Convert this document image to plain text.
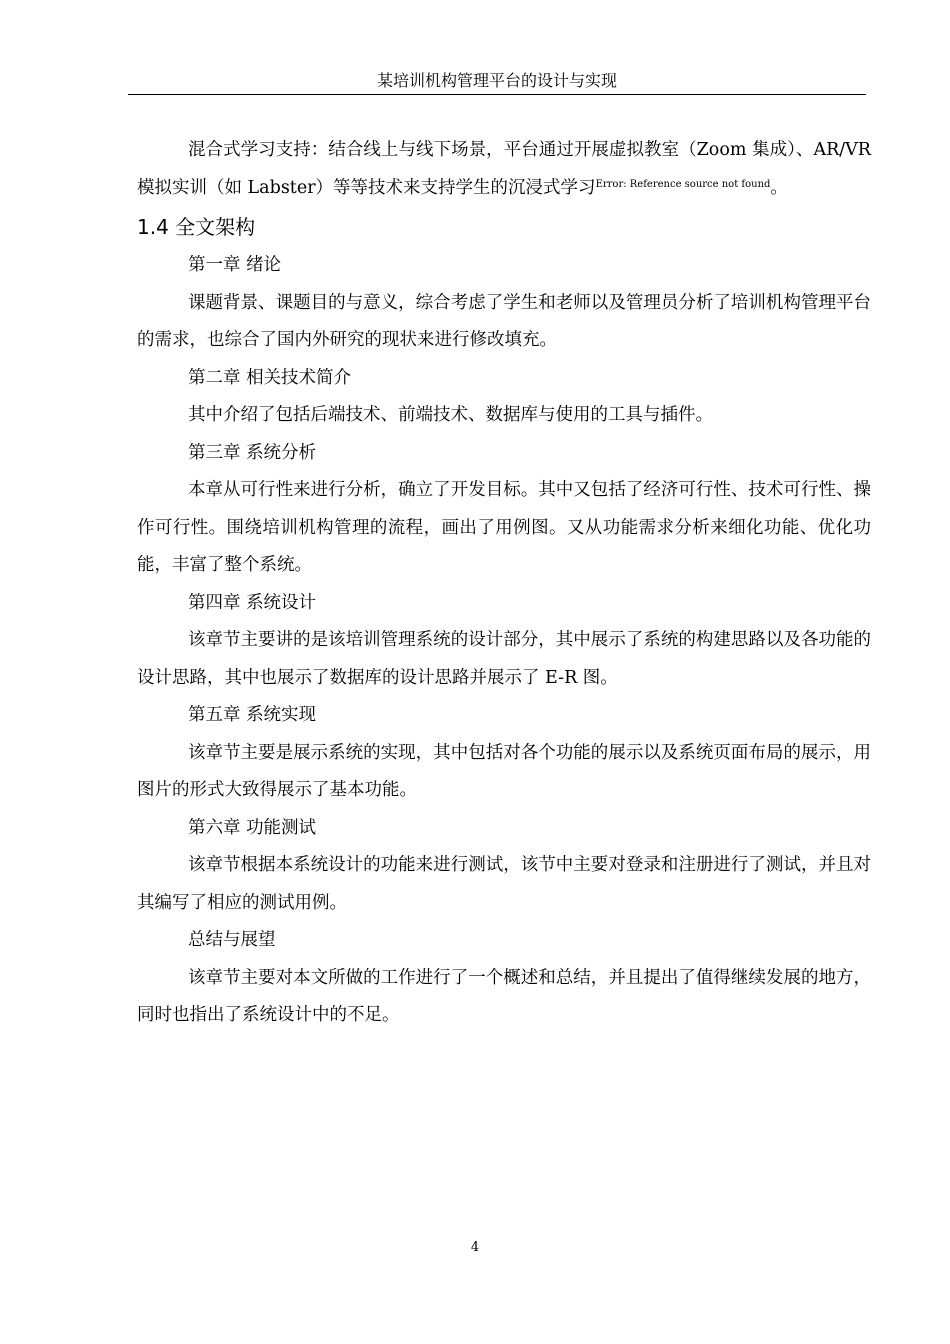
某培训机构管理平台的设计与实现

混合式学习支持：结合线上与线下场景，平台通过开展虚拟教室（Zoom 集成）、AR/VR 模拟实训（如 Labster）等等技术来支持学生的沉浸式学习$^{Error: Reference source not found}$。

1.4 全文架构

第一章 绪论

课题背景、课题目的与意义，综合考虑了学生和老师以及管理员分析了培训机构管理平台的需求，也综合了国内外研究的现状来进行修改填充。

第二章 相关技术简介

其中介绍了包括后端技术、前端技术、数据库与使用的工具与插件。

第三章 系统分析

本章从可行性来进行分析，确立了开发目标。其中又包括了经济可行性、技术可行性、操作可行性。围绕培训机构管理的流程，画出了用例图。又从功能需求分析来细化功能、优化功能，丰富了整个系统。

第四章 系统设计

该章节主要讲的是该培训管理系统的设计部分，其中展示了系统的构建思路以及各功能的设计思路，其中也展示了数据库的设计思路并展示了 E-R 图。

第五章 系统实现

该章节主要是展示系统的实现，其中包括对各个功能的展示以及系统页面布局的展示，用图片的形式大致得展示了基本功能。

第六章 功能测试

该章节根据本系统设计的功能来进行测试，该节中主要对登录和注册进行了测试，并且对其编写了相应的测试用例。

总结与展望

该章节主要对本文所做的工作进行了一个概述和总结，并且提出了值得继续发展的地方，同时也指出了系统设计中的不足。

4
